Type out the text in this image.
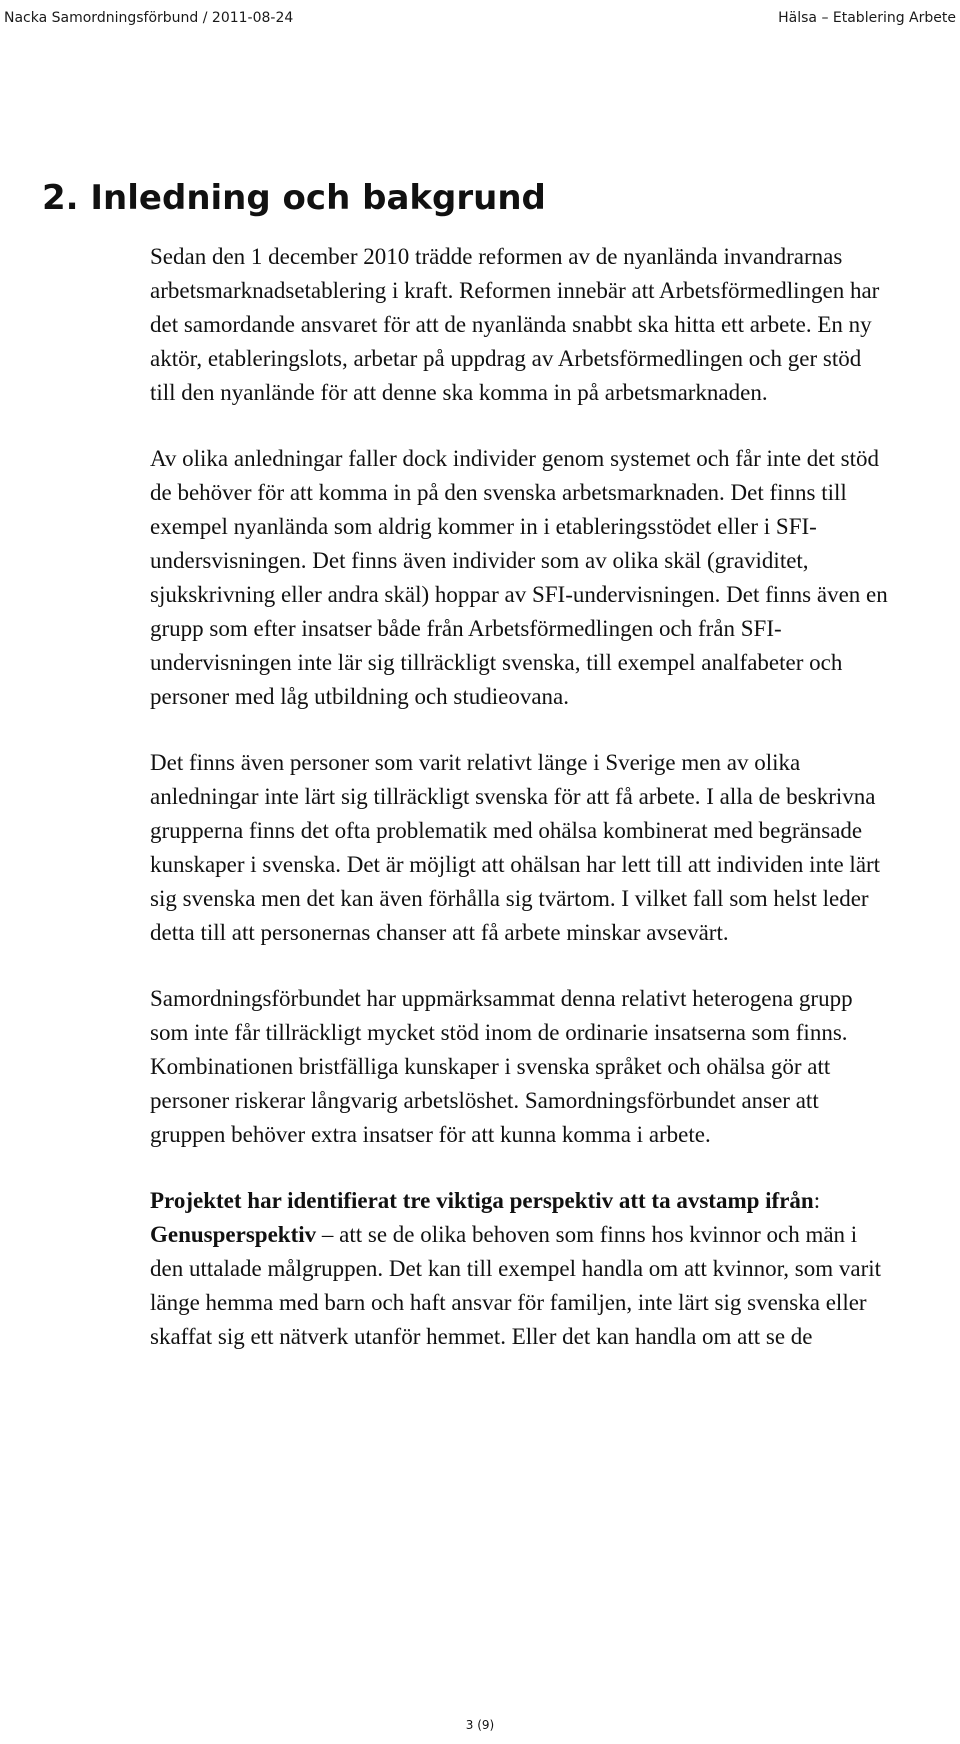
Nacka Samordningsförbund / 2011-08-24	Hälsa – Etablering Arbete
2. Inledning och bakgrund

Sedan den 1 december 2010 trädde reformen av de nyanlända invandrarnas arbetsmarknadsetablering i kraft. Reformen innebär att Arbetsförmedlingen har det samordande ansvaret för att de nyanlända snabbt ska hitta ett arbete. En ny aktör, etableringslots, arbetar på uppdrag av Arbetsförmedlingen och ger stöd till den nyanlände för att denne ska komma in på arbetsmarknaden.

Av olika anledningar faller dock individer genom systemet och får inte det stöd de behöver för att komma in på den svenska arbetsmarknaden. Det finns till exempel nyanlända som aldrig kommer in i etableringsstödet eller i SFI-undersvisningen. Det finns även individer som av olika skäl (graviditet, sjukskrivning eller andra skäl) hoppar av SFI-undervisningen. Det finns även en grupp som efter insatser både från Arbetsförmedlingen och från SFI-undervisningen inte lär sig tillräckligt svenska, till exempel analfabeter och personer med låg utbildning och studieovana.

Det finns även personer som varit relativt länge i Sverige men av olika anledningar inte lärt sig tillräckligt svenska för att få arbete. I alla de beskrivna grupperna finns det ofta problematik med ohälsa kombinerat med begränsade kunskaper i svenska. Det är möjligt att ohälsan har lett till att individen inte lärt sig svenska men det kan även förhålla sig tvärtom. I vilket fall som helst leder detta till att personernas chanser att få arbete minskar avsevärt.

Samordningsförbundet har uppmärksammat denna relativt heterogena grupp som inte får tillräckligt mycket stöd inom de ordinarie insatserna som finns. Kombinationen bristfälliga kunskaper i svenska språket och ohälsa gör att personer riskerar långvarig arbetslöshet. Samordningsförbundet anser att gruppen behöver extra insatser för att kunna komma i arbete.

Projektet har identifierat tre viktiga perspektiv att ta avstamp ifrån:

Genusperspektiv – att se de olika behoven som finns hos kvinnor och män i den uttalade målgruppen. Det kan till exempel handla om att kvinnor, som varit länge hemma med barn och haft ansvar för familjen, inte lärt sig svenska eller skaffat sig ett nätverk utanför hemmet. Eller det kan handla om att se de

3 (9)
